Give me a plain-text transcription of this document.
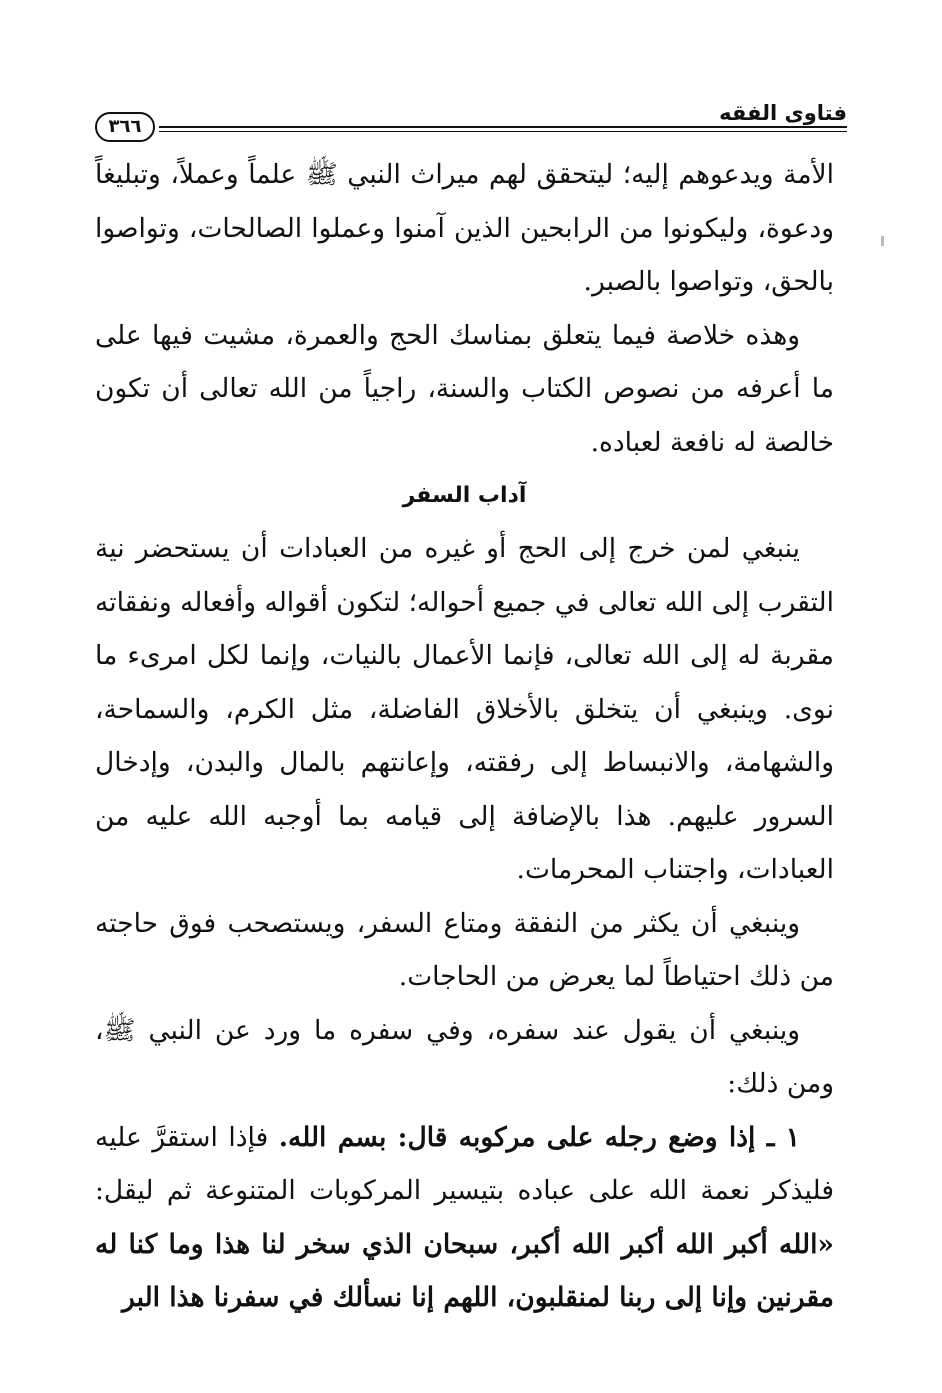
فتاوى الفقه
٣٦٦

الأمة ويدعوهم إليه؛ ليتحقق لهم ميراث النبي ﷺ علماً وعملاً، وتبليغاً ودعوة، وليكونوا من الرابحين الذين آمنوا وعملوا الصالحات، وتواصوا بالحق، وتواصوا بالصبر.

وهذه خلاصة فيما يتعلق بمناسك الحج والعمرة، مشيت فيها على ما أعرفه من نصوص الكتاب والسنة، راجياً من الله تعالى أن تكون خالصة له نافعة لعباده.

آداب السفر

ينبغي لمن خرج إلى الحج أو غيره من العبادات أن يستحضر نية التقرب إلى الله تعالى في جميع أحواله؛ لتكون أقواله وأفعاله ونفقاته مقربة له إلى الله تعالى، فإنما الأعمال بالنيات، وإنما لكل امرىء ما نوى. وينبغي أن يتخلق بالأخلاق الفاضلة، مثل الكرم، والسماحة، والشهامة، والانبساط إلى رفقته، وإعانتهم بالمال والبدن، وإدخال السرور عليهم. هذا بالإضافة إلى قيامه بما أوجبه الله عليه من العبادات، واجتناب المحرمات.

وينبغي أن يكثر من النفقة ومتاع السفر، ويستصحب فوق حاجته من ذلك احتياطاً لما يعرض من الحاجات.

وينبغي أن يقول عند سفره، وفي سفره ما ورد عن النبي ﷺ، ومن ذلك:

١ ـ إذا وضع رجله على مركوبه قال: بسم الله. فإذا استقرَّ عليه فليذكر نعمة الله على عباده بتيسير المركوبات المتنوعة ثم ليقل: «الله أكبر الله أكبر الله أكبر، سبحان الذي سخر لنا هذا وما كنا له مقرنين وإنا إلى ربنا لمنقلبون، اللهم إنا نسألك في سفرنا هذا البر
